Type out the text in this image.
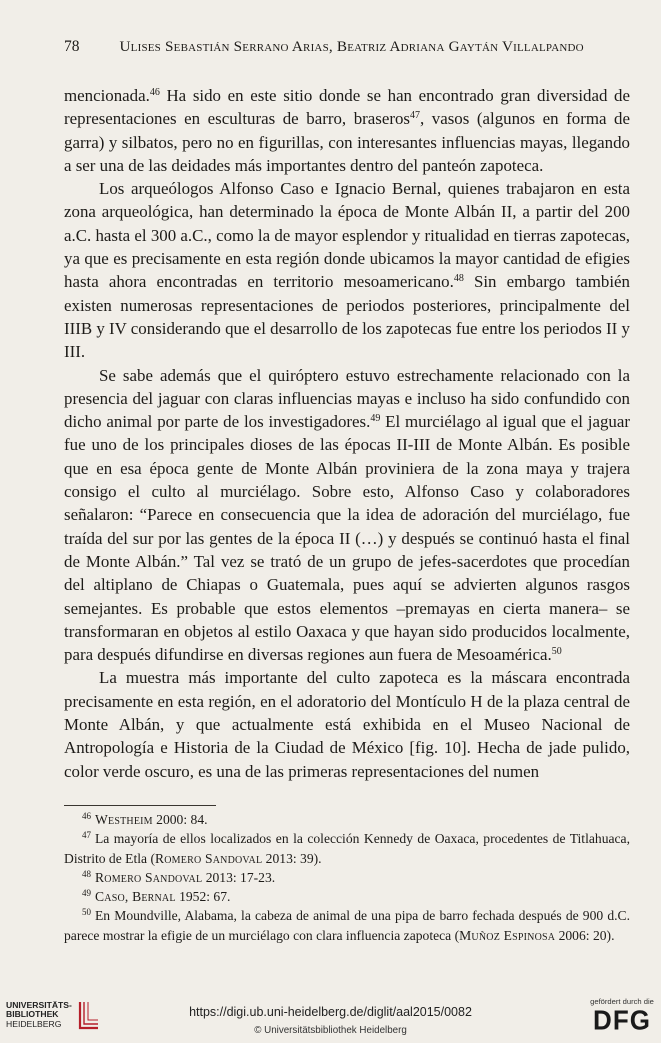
78	Ulises Sebastián Serrano Arias, Beatriz Adriana Gaytán Villalpando

mencionada.$^{46}$ Ha sido en este sitio donde se han encontrado gran diversidad de representaciones en esculturas de barro, braseros$^{47}$, vasos (algunos en forma de garra) y silbatos, pero no en figurillas, con interesantes influencias mayas, llegando a ser una de las deidades más importantes dentro del panteón zapoteca.

Los arqueólogos Alfonso Caso e Ignacio Bernal, quienes trabajaron en esta zona arqueológica, han determinado la época de Monte Albán II, a partir del 200 a.C. hasta el 300 a.C., como la de mayor esplendor y ritualidad en tierras zapotecas, ya que es precisamente en esta región donde ubicamos la mayor cantidad de efigies hasta ahora encontradas en territorio mesoamericano.$^{48}$ Sin embargo también existen numerosas representaciones de periodos posteriores, principalmente del IIIB y IV considerando que el desarrollo de los zapotecas fue entre los periodos II y III.

Se sabe además que el quiróptero estuvo estrechamente relacionado con la presencia del jaguar con claras influencias mayas e incluso ha sido confundido con dicho animal por parte de los investigadores.$^{49}$ El murciélago al igual que el jaguar fue uno de los principales dioses de las épocas II-III de Monte Albán. Es posible que en esa época gente de Monte Albán proviniera de la zona maya y trajera consigo el culto al murciélago. Sobre esto, Alfonso Caso y colaboradores señalaron: “Parece en consecuencia que la idea de adoración del murciélago, fue traída del sur por las gentes de la época II (…) y después se continuó hasta el final de Monte Albán.” Tal vez se trató de un grupo de jefes-sacerdotes que procedían del altiplano de Chiapas o Guatemala, pues aquí se advierten algunos rasgos semejantes. Es probable que estos elementos –premayas en cierta manera– se transformaran en objetos al estilo Oaxaca y que hayan sido producidos localmente, para después difundirse en diversas regiones aun fuera de Mesoamérica.$^{50}$

La muestra más importante del culto zapoteca es la máscara encontrada precisamente en esta región, en el adoratorio del Montículo H de la plaza central de Monte Albán, y que actualmente está exhibida en el Museo Nacional de Antropología e Historia de la Ciudad de México [fig. 10]. Hecha de jade pulido, color verde oscuro, es una de las primeras representaciones del numen

$^{46}$ Westheim 2000: 84.

$^{47}$ La mayoría de ellos localizados en la colección Kennedy de Oaxaca, procedentes de Titlahuaca, Distrito de Etla (Romero Sandoval 2013: 39).

$^{48}$ Romero Sandoval 2013: 17-23.

$^{49}$ Caso, Bernal 1952: 67.

$^{50}$ En Moundville, Alabama, la cabeza de animal de una pipa de barro fechada después de 900 d.C. parece mostrar la efigie de un murciélago con clara influencia zapoteca (Muñoz Espinosa 2006: 20).

UNIVERSITÄTS-
BIBLIOTHEK
HEIDELBERG
https://digi.ub.uni-heidelberg.de/diglit/aal2015/0082
© Universitätsbibliothek Heidelberg
gefördert durch die
DFG
